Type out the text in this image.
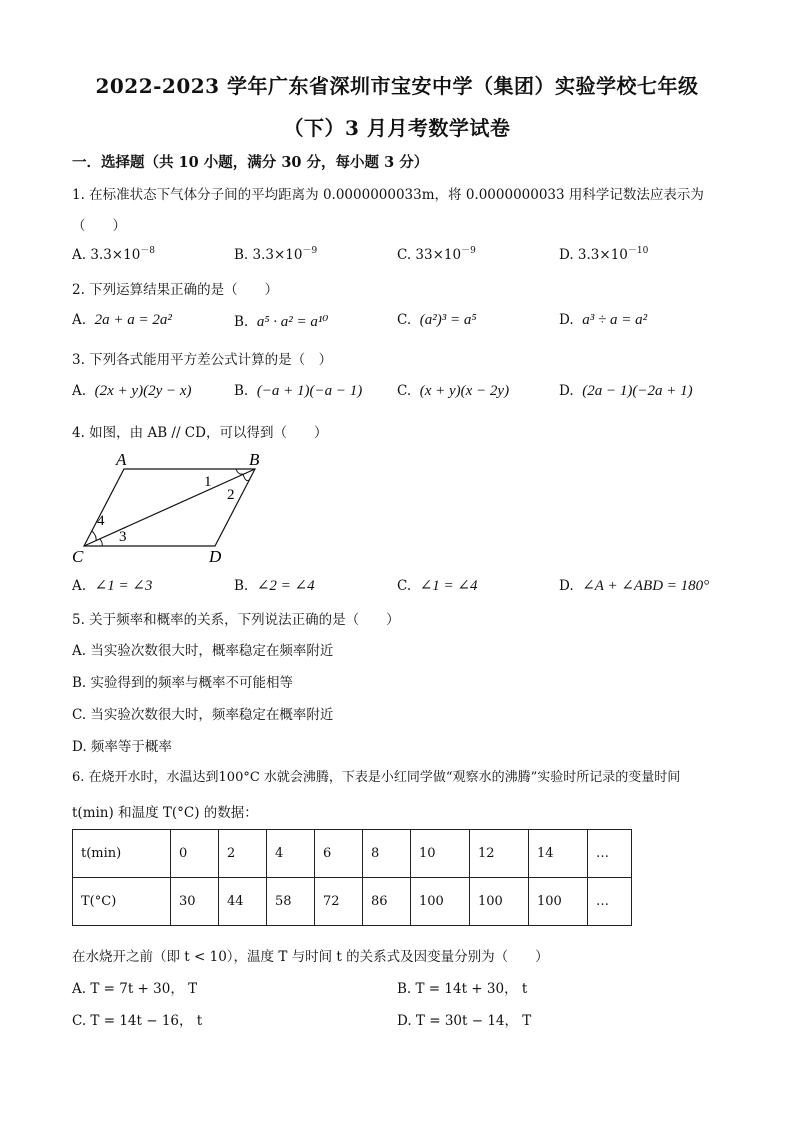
2022-2023 学年广东省深圳市宝安中学（集团）实验学校七年级
（下）3 月月考数学试卷
一．选择题（共 10 小题，满分 30 分，每小题 3 分）
1. 在标准状态下气体分子间的平均距离为 0.0000000033m，将 0.0000000033 用科学记数法应表示为
（　　）
A. $3.3\times 10^{-8}$	B. $3.3\times 10^{-9}$	C. $33\times 10^{-9}$	D. $3.3\times 10^{-10}$
2. 下列运算结果正确的是（　　）
A. 2a + a = 2a²	B. a⁵ · a² = a¹⁰	C. (a²)³ = a⁵	D. a³ ÷ a = a²
3. 下列各式能用平方差公式计算的是（　）
A. (2x + y)(2y − x)	B. (−a + 1)(−a − 1)	C. (x + y)(x − 2y)	D. (2a − 1)(−2a + 1)
4. 如图，由 AB // CD，可以得到（　　）
A	B
C	D
1
2
4
3
A. ∠1 = ∠3	B. ∠2 = ∠4	C. ∠1 = ∠4	D. ∠A + ∠ABD = 180°
5. 关于频率和概率的关系，下列说法正确的是（　　）
A. 当实验次数很大时，概率稳定在频率附近
B. 实验得到的频率与概率不可能相等
C. 当实验次数很大时，频率稳定在概率附近
D. 频率等于概率
6. 在烧开水时，水温达到100°C 水就会沸腾，下表是小红同学做“观察水的沸腾”实验时所记录的变量时间
t(min) 和温度 T(°C) 的数据：
t(min)	0	2	4	6	8	10	12	14	…
T(°C)	30	44	58	72	86	100	100	100	…
在水烧开之前（即 t < 10），温度 T 与时间 t 的关系式及因变量分别为（　　）
A. T = 7t + 30， T	B. T = 14t + 30， t
C. T = 14t − 16， t	D. T = 30t − 14， T
